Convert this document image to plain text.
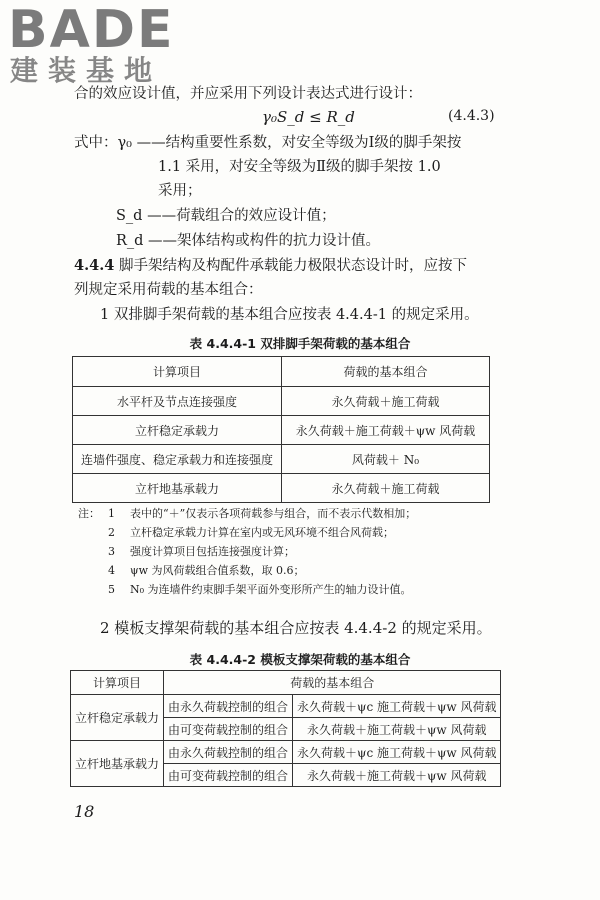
BADE
建装基地
合的效应设计值，并应采用下列设计表达式进行设计：
γ₀S_d ≤ R_d	(4.4.3)
式中：γ₀ ——结构重要性系数，对安全等级为Ⅰ级的脚手架按
1.1 采用，对安全等级为Ⅱ级的脚手架按 1.0
采用；
S_d ——荷载组合的效应设计值；
R_d ——架体结构或构件的抗力设计值。
4.4.4 脚手架结构及构配件承载能力极限状态设计时，应按下
列规定采用荷载的基本组合：
1 双排脚手架荷载的基本组合应按表 4.4.4-1 的规定采用。
表 4.4.4-1 双排脚手架荷载的基本组合
计算项目	荷载的基本组合
水平杆及节点连接强度	永久荷载＋施工荷载
立杆稳定承载力	永久荷载＋施工荷载＋ψw 风荷载
连墙件强度、稳定承载力和连接强度	风荷载＋ N₀
立杆地基承载力	永久荷载＋施工荷载
注： 1	表中的“＋”仅表示各项荷载参与组合，而不表示代数相加；
2	立杆稳定承载力计算在室内或无风环境不组合风荷载；
3	强度计算项目包括连接强度计算；
4	ψw 为风荷载组合值系数，取 0.6；
5	N₀ 为连墙件约束脚手架平面外变形所产生的轴力设计值。
2 模板支撑架荷载的基本组合应按表 4.4.4-2 的规定采用。
表 4.4.4-2 模板支撑架荷载的基本组合
计算项目	荷载的基本组合	
立杆稳定承载力	由永久荷载控制的组合	永久荷载＋ψc 施工荷载＋ψw 风荷载
	由可变荷载控制的组合	永久荷载＋施工荷载＋ψw 风荷载
立杆地基承载力	由永久荷载控制的组合	永久荷载＋ψc 施工荷载＋ψw 风荷载
	由可变荷载控制的组合	永久荷载＋施工荷载＋ψw 风荷载
18
